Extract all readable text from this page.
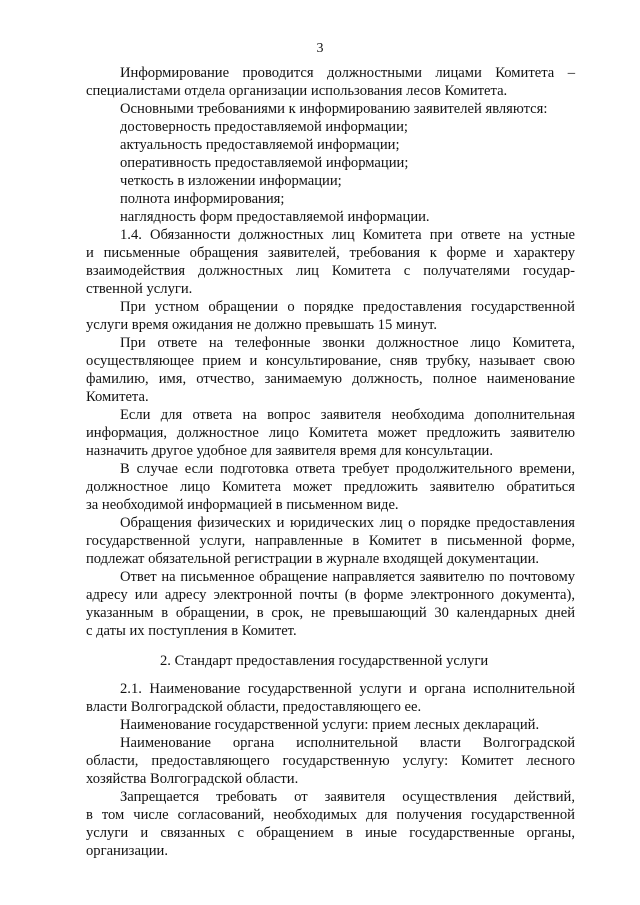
3
Информирование проводится должностными лицами Комитета –
специалистами отдела организации использования лесов Комитета.
Основными требованиями к информированию заявителей являются:
достоверность предоставляемой информации;
актуальность предоставляемой информации;
оперативность предоставляемой информации;
четкость в изложении информации;
полнота информирования;
наглядность форм предоставляемой информации.
1.4. Обязанности должностных лиц Комитета при ответе на устные
и письменные обращения заявителей, требования к форме и характеру
взаимодействия должностных лиц Комитета с получателями государ-
ственной услуги.
При устном обращении о порядке предоставления государственной
услуги время ожидания не должно превышать 15 минут.
При ответе на телефонные звонки должностное лицо Комитета,
осуществляющее прием и консультирование, сняв трубку, называет свою
фамилию, имя, отчество, занимаемую должность, полное наименование
Комитета.
Если для ответа на вопрос заявителя необходима дополнительная
информация, должностное лицо Комитета может предложить заявителю
назначить другое удобное для заявителя время для консультации.
В случае если подготовка ответа требует продолжительного времени,
должностное лицо Комитета может предложить заявителю обратиться
за необходимой информацией в письменном виде.
Обращения физических и юридических лиц о порядке предоставления
государственной услуги, направленные в Комитет в письменной форме,
подлежат обязательной регистрации в журнале входящей документации.
Ответ на письменное обращение направляется заявителю по почтовому
адресу или адресу электронной почты (в форме электронного документа),
указанным в обращении, в срок, не превышающий 30 календарных дней
с даты их поступления в Комитет.
2. Стандарт предоставления государственной услуги
2.1. Наименование государственной услуги и органа исполнительной
власти Волгоградской области, предоставляющего ее.
Наименование государственной услуги: прием лесных деклараций.
Наименование органа исполнительной власти Волгоградской
области, предоставляющего государственную услугу: Комитет лесного
хозяйства Волгоградской области.
Запрещается требовать от заявителя осуществления действий,
в том числе согласований, необходимых для получения государственной
услуги и связанных с обращением в иные государственные органы,
организации.
